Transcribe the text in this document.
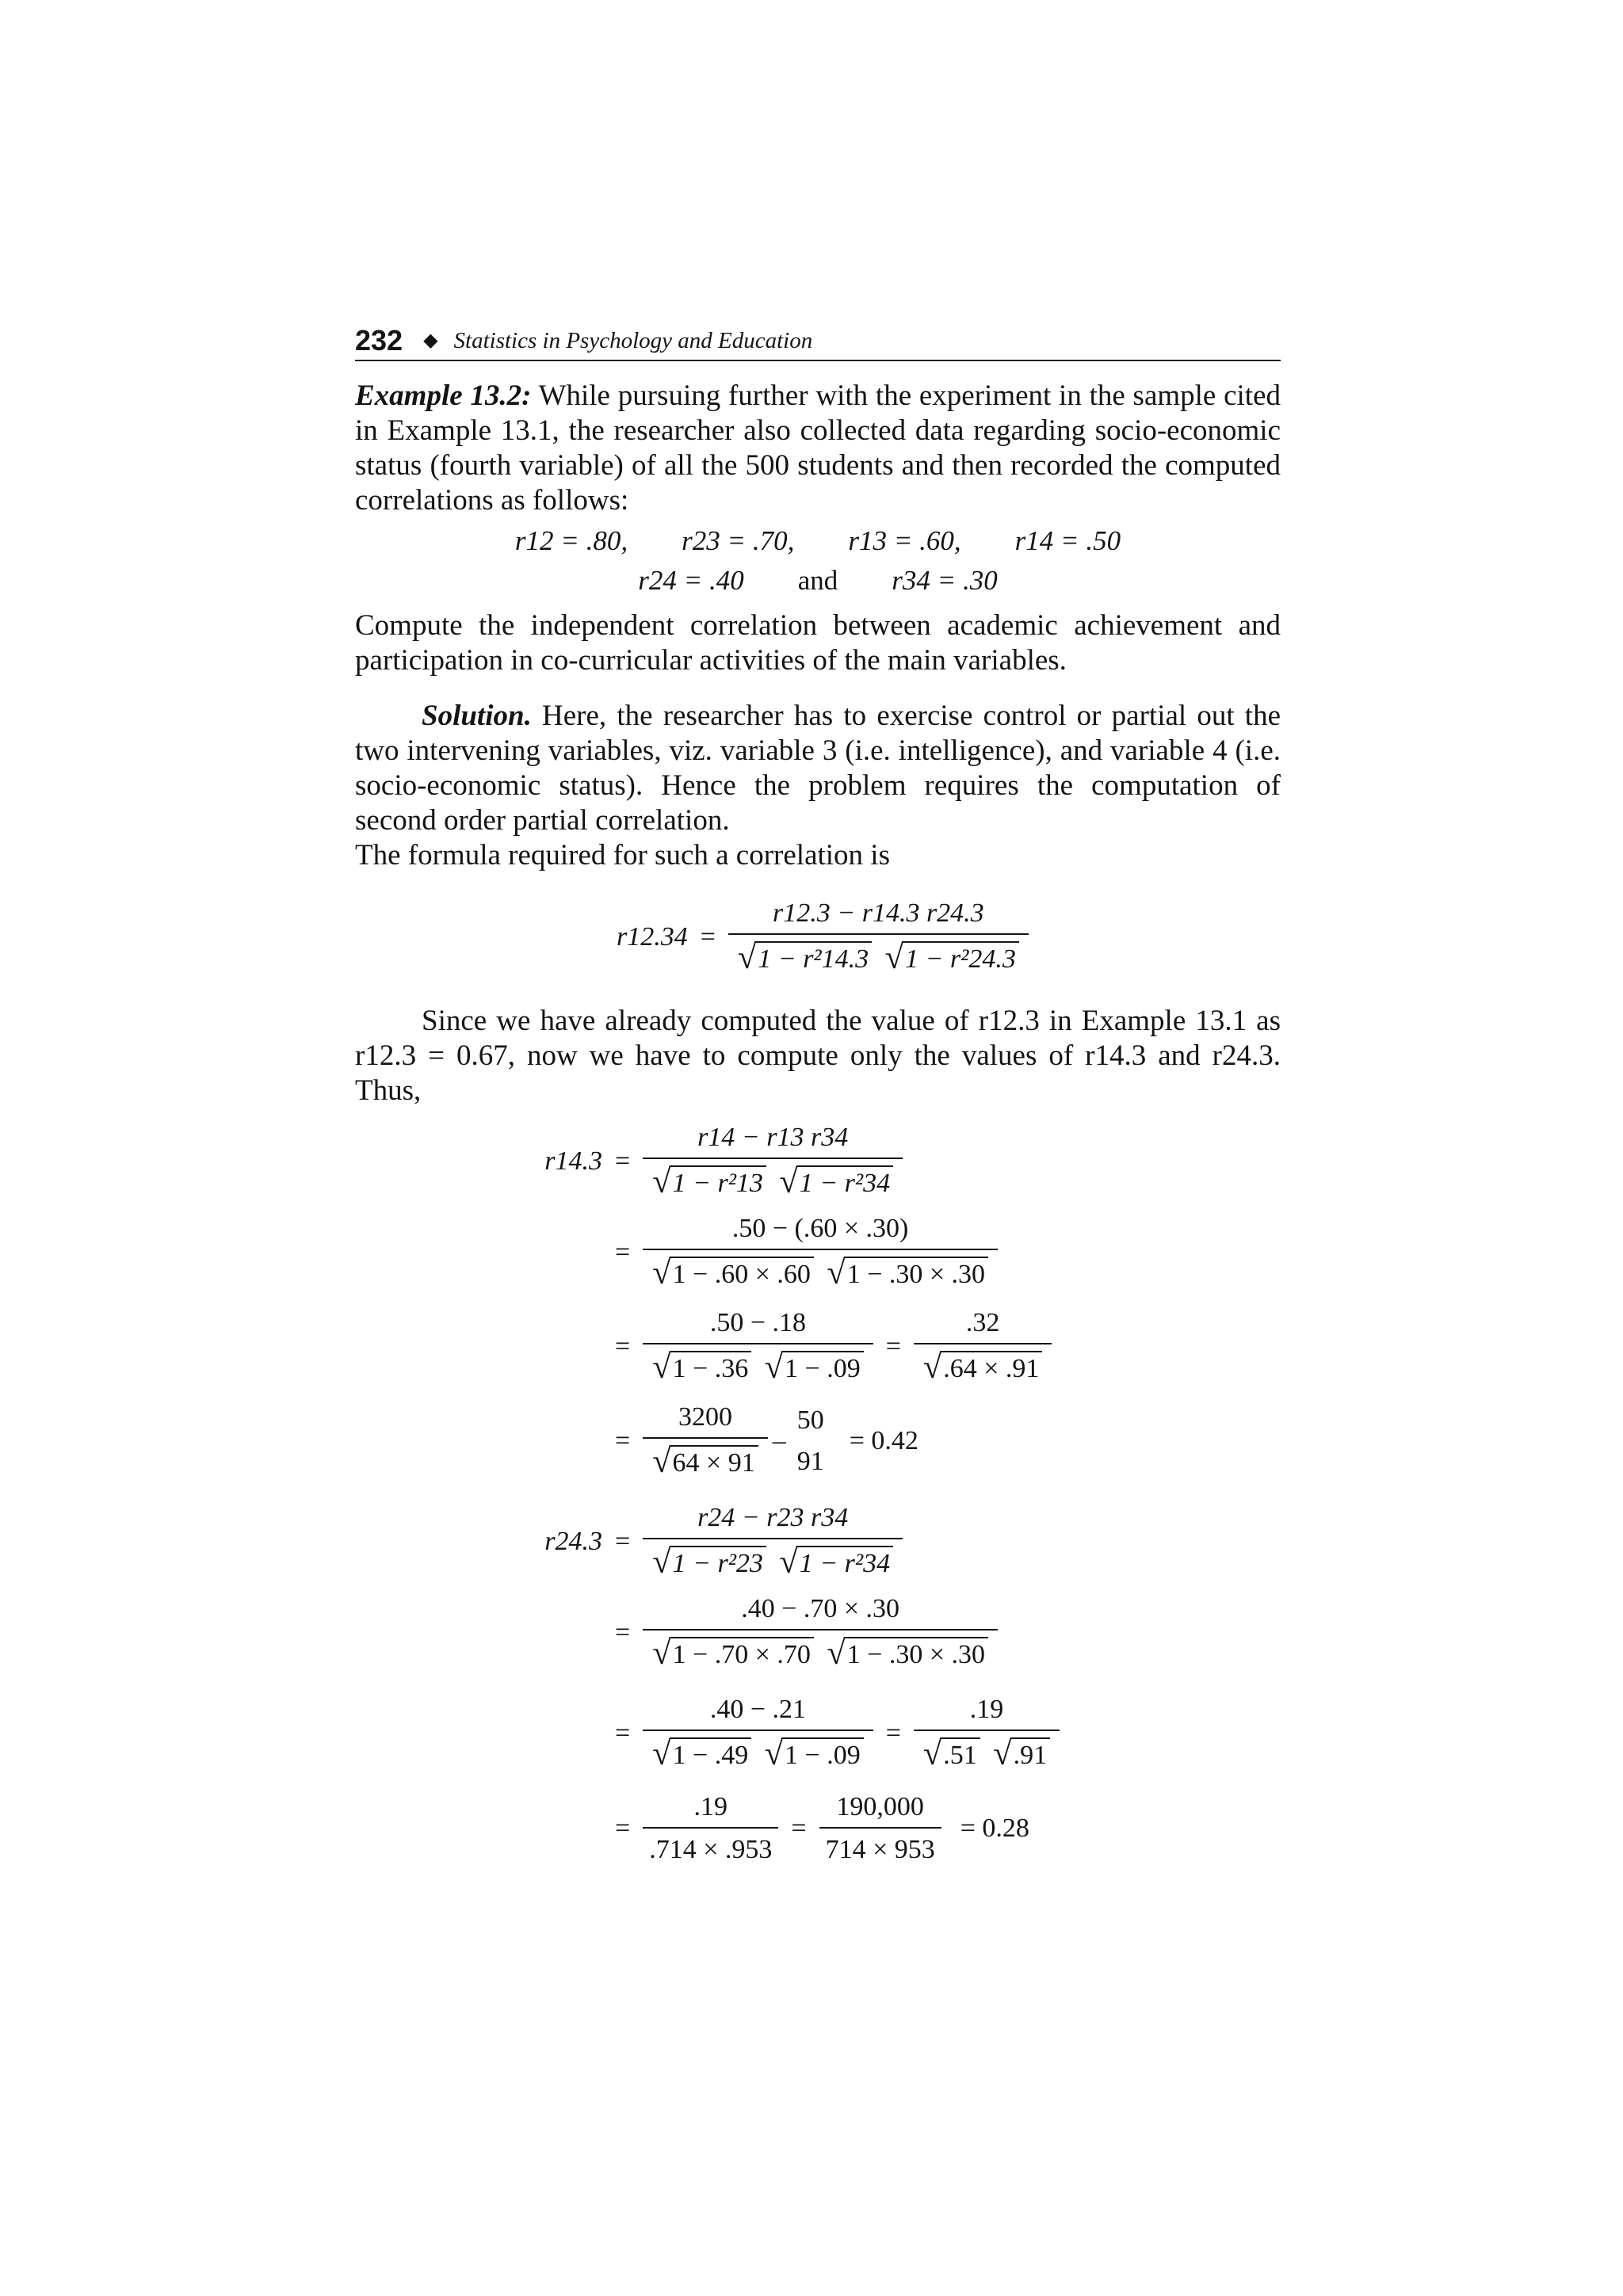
232 ◆ Statistics in Psychology and Education

Example 13.2: While pursuing further with the experiment in the sample cited in Example 13.1, the researcher also collected data regarding socio-economic status (fourth variable) of all the 500 students and then recorded the computed correlations as follows:

r12 = .80, r23 = .70, r13 = .60, r14 = .50
r24 = .40 and r34 = .30

Compute the independent correlation between academic achievement and participation in co-curricular activities of the main variables.

Solution. Here, the researcher has to exercise control or partial out the two intervening variables, viz. variable 3 (i.e. intelligence), and variable 4 (i.e. socio-economic status). Hence the problem requires the computation of second order partial correlation.

The formula required for such a correlation is

r12.34 = r12.3 − r14.3 r24.3
√ 1 − r²14.3
√ 1 − r²24.3

Since we have already computed the value of r12.3 in Example 13.1 as r12.3 = 0.67, now we have to compute only the values of r14.3 and r24.3. Thus,

r14.3 = r14 − r13 r34
√ 1 − r²13
√ 1 − r²34
= .50 − (.60 × .30)
√ 1 − .60 × .60
√ 1 − .30 × .30
= .50 − .18
√ 1 − .36
√ $1 - .09 = \frac{.32}{√ .64 \times .91}$
= $\frac{3200}{√ 64 \times 91}$ –
50
91
= 0.42
r24.3 = r24 − r23 r34
√ 1 − r²23
√ 1 − r²34
= .40 − .70 × .30
√ 1 − .70 × .70
√ 1 − .30 × .30
= .40 − .21
√ 1 − .49
√ 1 − .09 = .19
√ .51
√ .91
= $\frac{.19}{.714 \times .953} = \frac{190,000}{714 \times 953} = 0.28$
